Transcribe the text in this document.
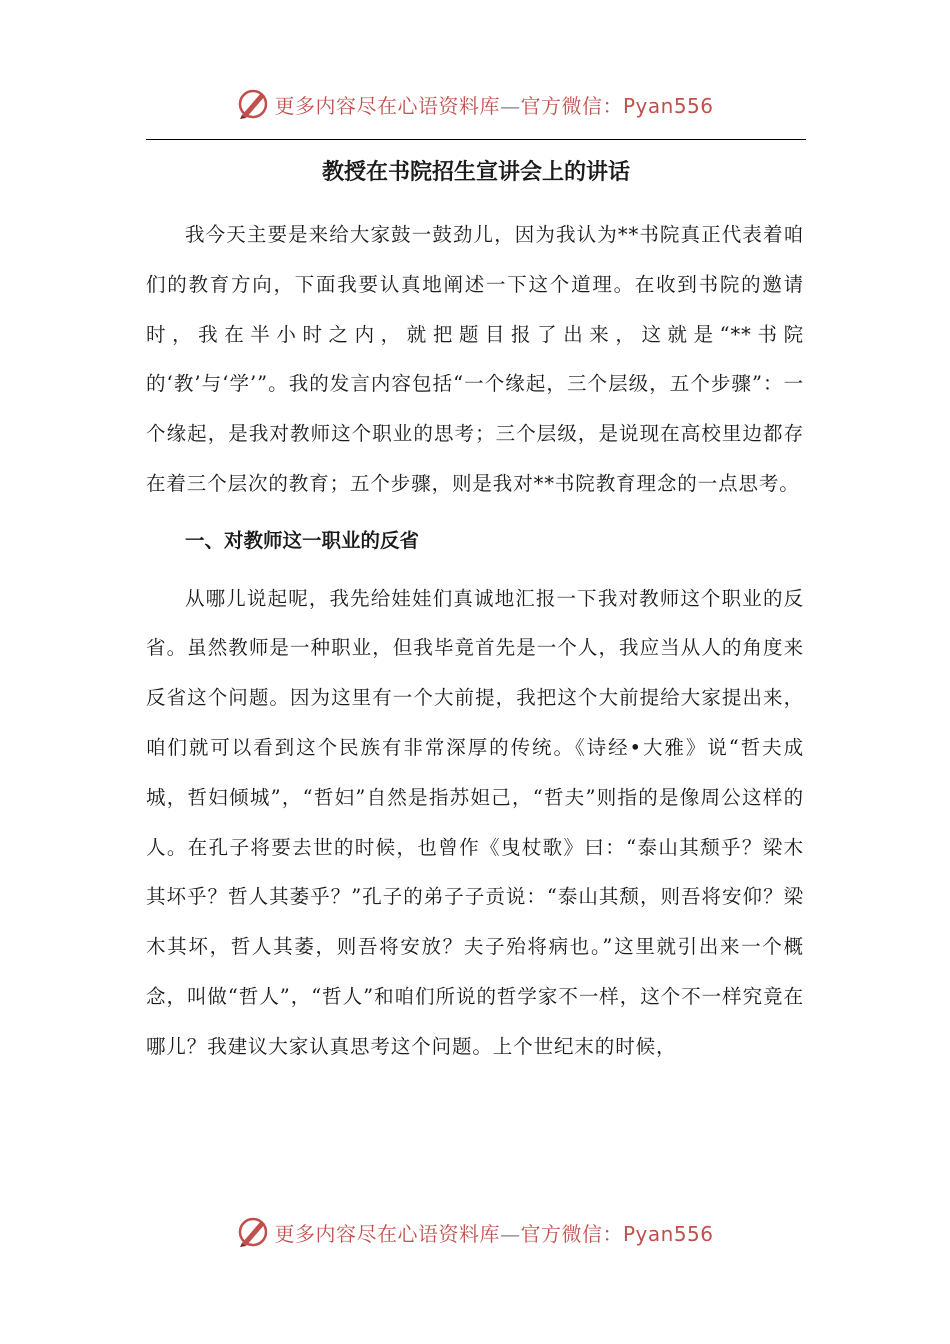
更多内容尽在心语资料库—官方微信：Pyan556
教授在书院招生宣讲会上的讲话

我今天主要是来给大家鼓一鼓劲儿，因为我认为**书院真正代表着咱们的教育方向，下面我要认真地阐述一下这个道理。在收到书院的邀请时，我在半小时之内，就把题目报了出来，这就是“**书院的‘教’与‘学’”。我的发言内容包括“一个缘起，三个层级，五个步骤”：一个缘起，是我对教师这个职业的思考；三个层级，是说现在高校里边都存在着三个层次的教育；五个步骤，则是我对**书院教育理念的一点思考。

一、对教师这一职业的反省

从哪儿说起呢，我先给娃娃们真诚地汇报一下我对教师这个职业的反省。虽然教师是一种职业，但我毕竟首先是一个人，我应当从人的角度来反省这个问题。因为这里有一个大前提，我把这个大前提给大家提出来，咱们就可以看到这个民族有非常深厚的传统。《诗经•大雅》说“哲夫成城，哲妇倾城”，“哲妇”自然是指苏妲己，“哲夫”则指的是像周公这样的人。在孔子将要去世的时候，也曾作《曳杖歌》曰：“泰山其颓乎？梁木其坏乎？哲人其萎乎？”孔子的弟子子贡说：“泰山其颓，则吾将安仰？梁木其坏，哲人其萎，则吾将安放？夫子殆将病也。”这里就引出来一个概念，叫做“哲人”，“哲人”和咱们所说的哲学家不一样，这个不一样究竟在哪儿？我建议大家认真思考这个问题。上个世纪末的时候，

更多内容尽在心语资料库—官方微信：Pyan556
